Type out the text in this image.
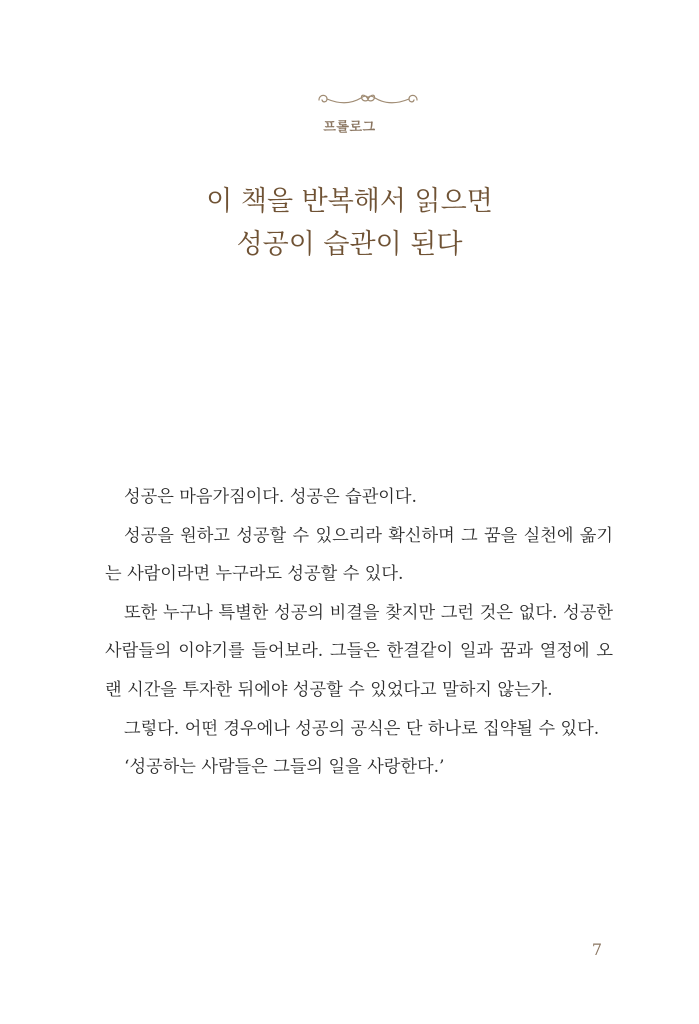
프롤로그
이 책을 반복해서 읽으면
성공이 습관이 된다

성공은 마음가짐이다. 성공은 습관이다.

성공을 원하고 성공할 수 있으리라 확신하며 그 꿈을 실천에 옮기는 사람이라면 누구라도 성공할 수 있다.

또한 누구나 특별한 성공의 비결을 찾지만 그런 것은 없다. 성공한 사람들의 이야기를 들어보라. 그들은 한결같이 일과 꿈과 열정에 오랜 시간을 투자한 뒤에야 성공할 수 있었다고 말하지 않는가.

그렇다. 어떤 경우에나 성공의 공식은 단 하나로 집약될 수 있다.

‘성공하는 사람들은 그들의 일을 사랑한다.’

7
